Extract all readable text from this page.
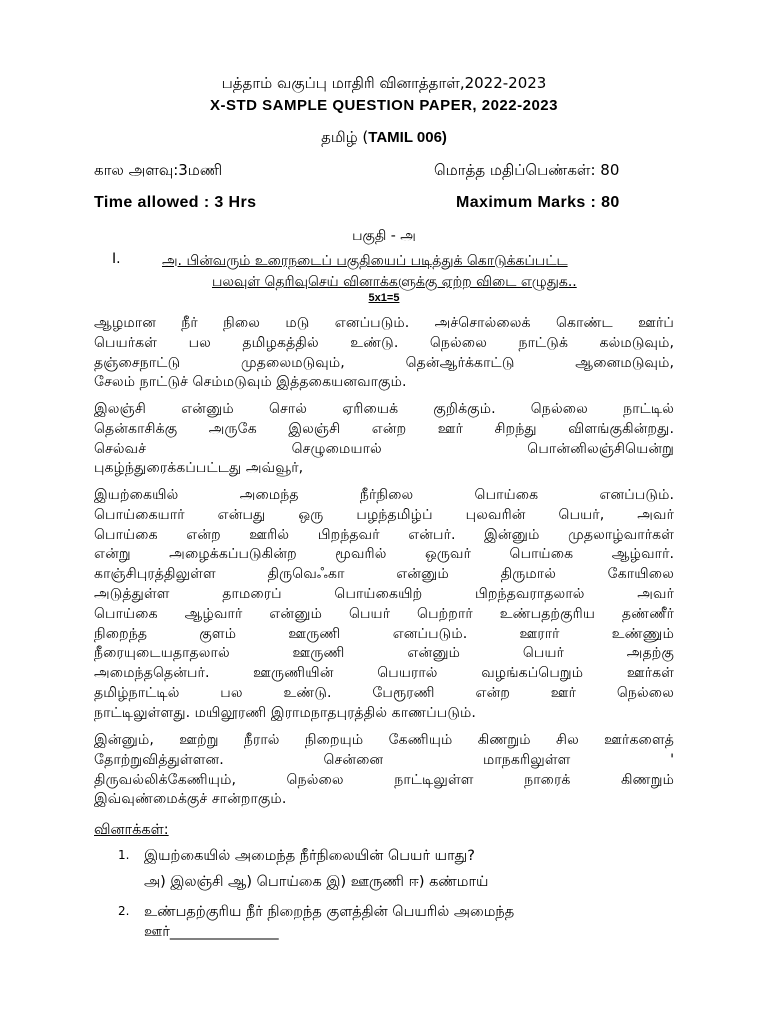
பத்தாம் வகுப்பு மாதிரி வினாத்தாள்,2022-2023
X-STD SAMPLE QUESTION PAPER, 2022-2023
தமிழ் (TAMIL 006)
கால அளவு:3மணி	மொத்த மதிப்பெண்கள்: 80
Time allowed : 3 Hrs	Maximum Marks : 80
பகுதி - அ
I.	அ. பின்வரும் உரைநடைப் பகுதியைப் படித்துக் கொடுக்கப்பட்ட
பலவுள் தெரிவுசெய் வினாக்களுக்கு ஏற்ற விடை எழுதுக..
5x1=5
ஆழமான நீர் நிலை மடு எனப்படும். அச்சொல்லைக் கொண்ட ஊர்ப்
பெயர்கள் பல தமிழகத்தில் உண்டு. நெல்லை நாட்டுக் கல்மடுவும்,
தஞ்சைநாட்டு முதலைமடுவும், தென்ஆர்க்காட்டு ஆனைமடுவும்,
சேலம் நாட்டுச் செம்மடுவும் இத்தகையனவாகும்.
இலஞ்சி என்னும் சொல் ஏரியைக் குறிக்கும். நெல்லை நாட்டில்
தென்காசிக்கு அருகே இலஞ்சி என்ற ஊர் சிறந்து விளங்குகின்றது.
செல்வச் செழுமையால் பொன்னிலஞ்சியென்று
புகழ்ந்துரைக்கப்பட்டது அவ்வூர்,
இயற்கையில் அமைந்த நீர்நிலை பொய்கை எனப்படும்.
பொய்கையார் என்பது ஒரு பழந்தமிழ்ப் புலவரின் பெயர், அவர்
பொய்கை என்ற ஊரில் பிறந்தவர் என்பர். இன்னும் முதலாழ்வார்கள்
என்று அழைக்கப்படுகின்ற மூவரில் ஒருவர் பொய்கை ஆழ்வார்.
காஞ்சிபுரத்திலுள்ள திருவெஃகா என்னும் திருமால் கோயிலை
அடுத்துள்ள தாமரைப் பொய்கையிற் பிறந்தவராதலால் அவர்
பொய்கை ஆழ்வார் என்னும் பெயர் பெற்றார் உண்பதற்குரிய தண்ணீர்
நிறைந்த குளம் ஊருணி எனப்படும். ஊரார் உண்ணும்
நீரையுடையதாதலால் ஊருணி என்னும் பெயர் அதற்கு
அமைந்ததென்பர். ஊருணியின் பெயரால் வழங்கப்பெறும் ஊர்கள்
தமிழ்நாட்டில் பல உண்டு. பேரூரணி என்ற ஊர் நெல்லை
நாட்டிலுள்ளது. மயிலூரணி இராமநாதபுரத்தில் காணப்படும்.
இன்னும், ஊற்று நீரால் நிறையும் கேணியும் கிணறும் சில ஊர்களைத்
தோற்றுவித்துள்ளன. சென்னை மாநகரிலுள்ள '
திருவல்லிக்கேணியும், நெல்லை நாட்டிலுள்ள நாரைக் கிணறும்
இவ்வுண்மைக்குச் சான்றாகும்.
வினாக்கள்:
1. இயற்கையில் அமைந்த நீர்நிலையின் பெயர் யாது?
அ) இலஞ்சி ஆ) பொய்கை இ) ஊருணி ஈ) கண்மாய்
2. உண்பதற்குரிய நீர் நிறைந்த குளத்தின் பெயரில் அமைந்த
ஊர்_______________
